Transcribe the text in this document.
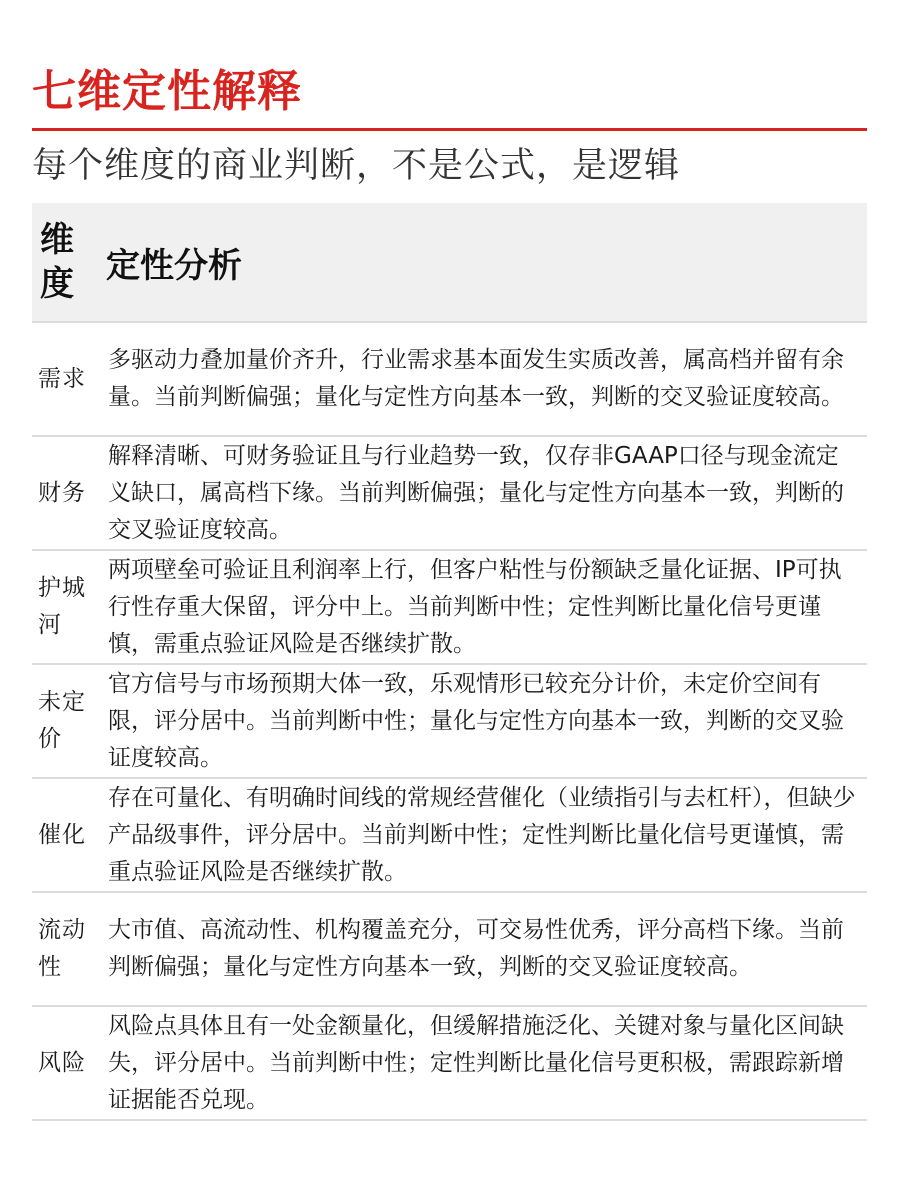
七维定性解释
每个维度的商业判断，不是公式，是逻辑
维度	定性分析
需求	多驱动力叠加量价齐升，行业需求基本面发生实质改善，属高档并留有余量。当前判断偏强；量化与定性方向基本一致，判断的交叉验证度较高。
财务	解释清晰、可财务验证且与行业趋势一致，仅存非GAAP口径与现金流定义缺口，属高档下缘。当前判断偏强；量化与定性方向基本一致，判断的交叉验证度较高。
护城河	两项壁垒可验证且利润率上行，但客户粘性与份额缺乏量化证据、IP可执行性存重大保留，评分中上。当前判断中性；定性判断比量化信号更谨慎，需重点验证风险是否继续扩散。
未定价	官方信号与市场预期大体一致，乐观情形已较充分计价，未定价空间有限，评分居中。当前判断中性；量化与定性方向基本一致，判断的交叉验证度较高。
催化	存在可量化、有明确时间线的常规经营催化（业绩指引与去杠杆），但缺少产品级事件，评分居中。当前判断中性；定性判断比量化信号更谨慎，需重点验证风险是否继续扩散。
流动性	大市值、高流动性、机构覆盖充分，可交易性优秀，评分高档下缘。当前判断偏强；量化与定性方向基本一致，判断的交叉验证度较高。
风险	风险点具体且有一处金额量化，但缓解措施泛化、关键对象与量化区间缺失，评分居中。当前判断中性；定性判断比量化信号更积极，需跟踪新增证据能否兑现。
